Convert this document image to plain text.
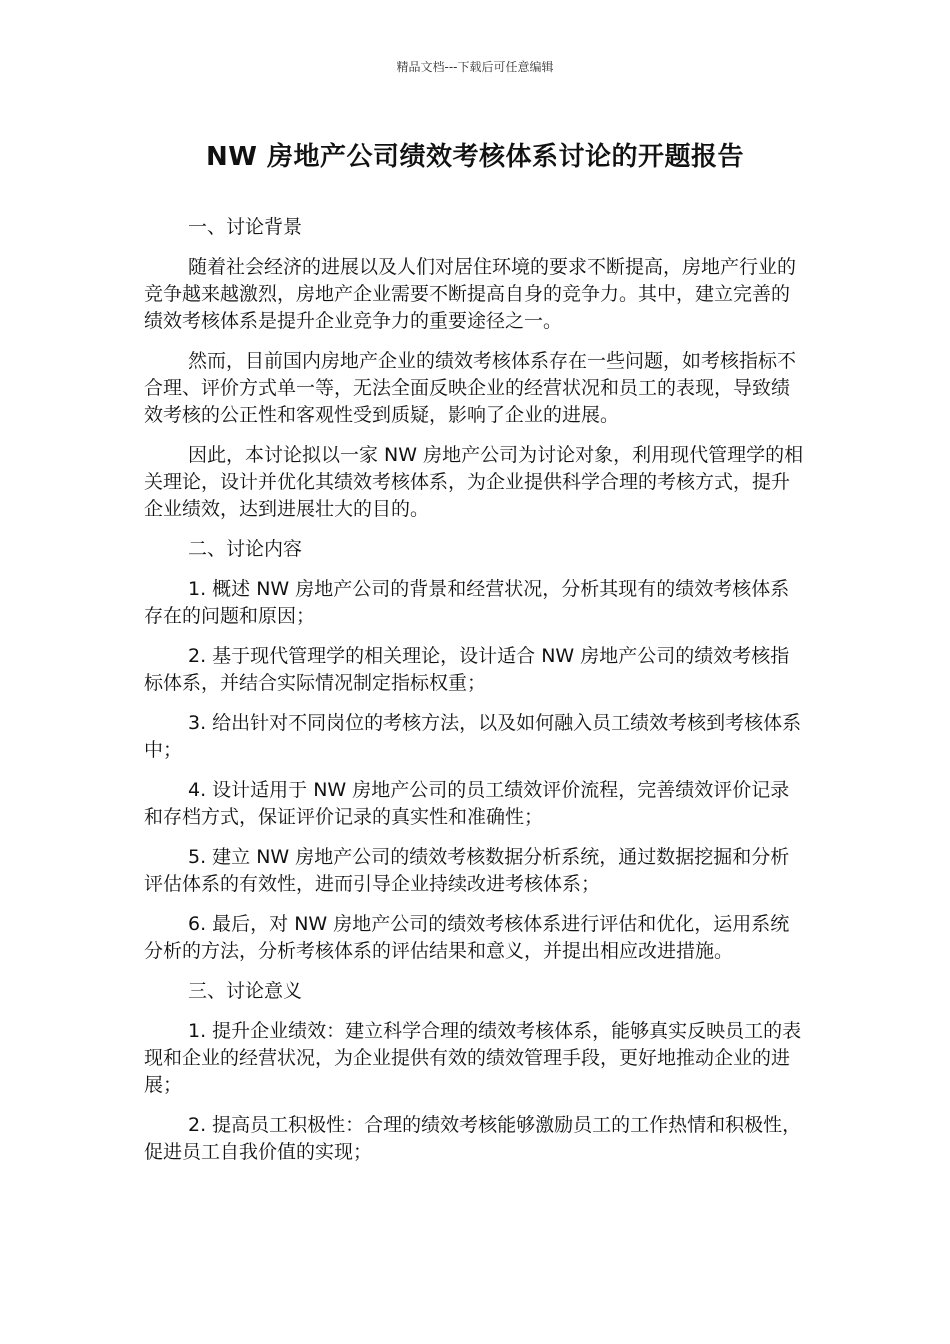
精品文档---下载后可任意编辑
NW 房地产公司绩效考核体系讨论的开题报告

一、讨论背景

随着社会经济的进展以及人们对居住环境的要求不断提高，房地产行业的竞争越来越激烈，房地产企业需要不断提高自身的竞争力。其中，建立完善的绩效考核体系是提升企业竞争力的重要途径之一。

然而，目前国内房地产企业的绩效考核体系存在一些问题，如考核指标不合理、评价方式单一等，无法全面反映企业的经营状况和员工的表现，导致绩效考核的公正性和客观性受到质疑，影响了企业的进展。

因此，本讨论拟以一家 NW 房地产公司为讨论对象，利用现代管理学的相关理论，设计并优化其绩效考核体系，为企业提供科学合理的考核方式，提升企业绩效，达到进展壮大的目的。

二、讨论内容

1. 概述 NW 房地产公司的背景和经营状况，分析其现有的绩效考核体系存在的问题和原因；

2. 基于现代管理学的相关理论，设计适合 NW 房地产公司的绩效考核指标体系，并结合实际情况制定指标权重；

3. 给出针对不同岗位的考核方法，以及如何融入员工绩效考核到考核体系中；

4. 设计适用于 NW 房地产公司的员工绩效评价流程，完善绩效评价记录和存档方式，保证评价记录的真实性和准确性；

5. 建立 NW 房地产公司的绩效考核数据分析系统，通过数据挖掘和分析评估体系的有效性，进而引导企业持续改进考核体系；

6. 最后，对 NW 房地产公司的绩效考核体系进行评估和优化，运用系统分析的方法，分析考核体系的评估结果和意义，并提出相应改进措施。

三、讨论意义

1. 提升企业绩效：建立科学合理的绩效考核体系，能够真实反映员工的表现和企业的经营状况，为企业提供有效的绩效管理手段，更好地推动企业的进展；

2. 提高员工积极性：合理的绩效考核能够激励员工的工作热情和积极性，促进员工自我价值的实现；
